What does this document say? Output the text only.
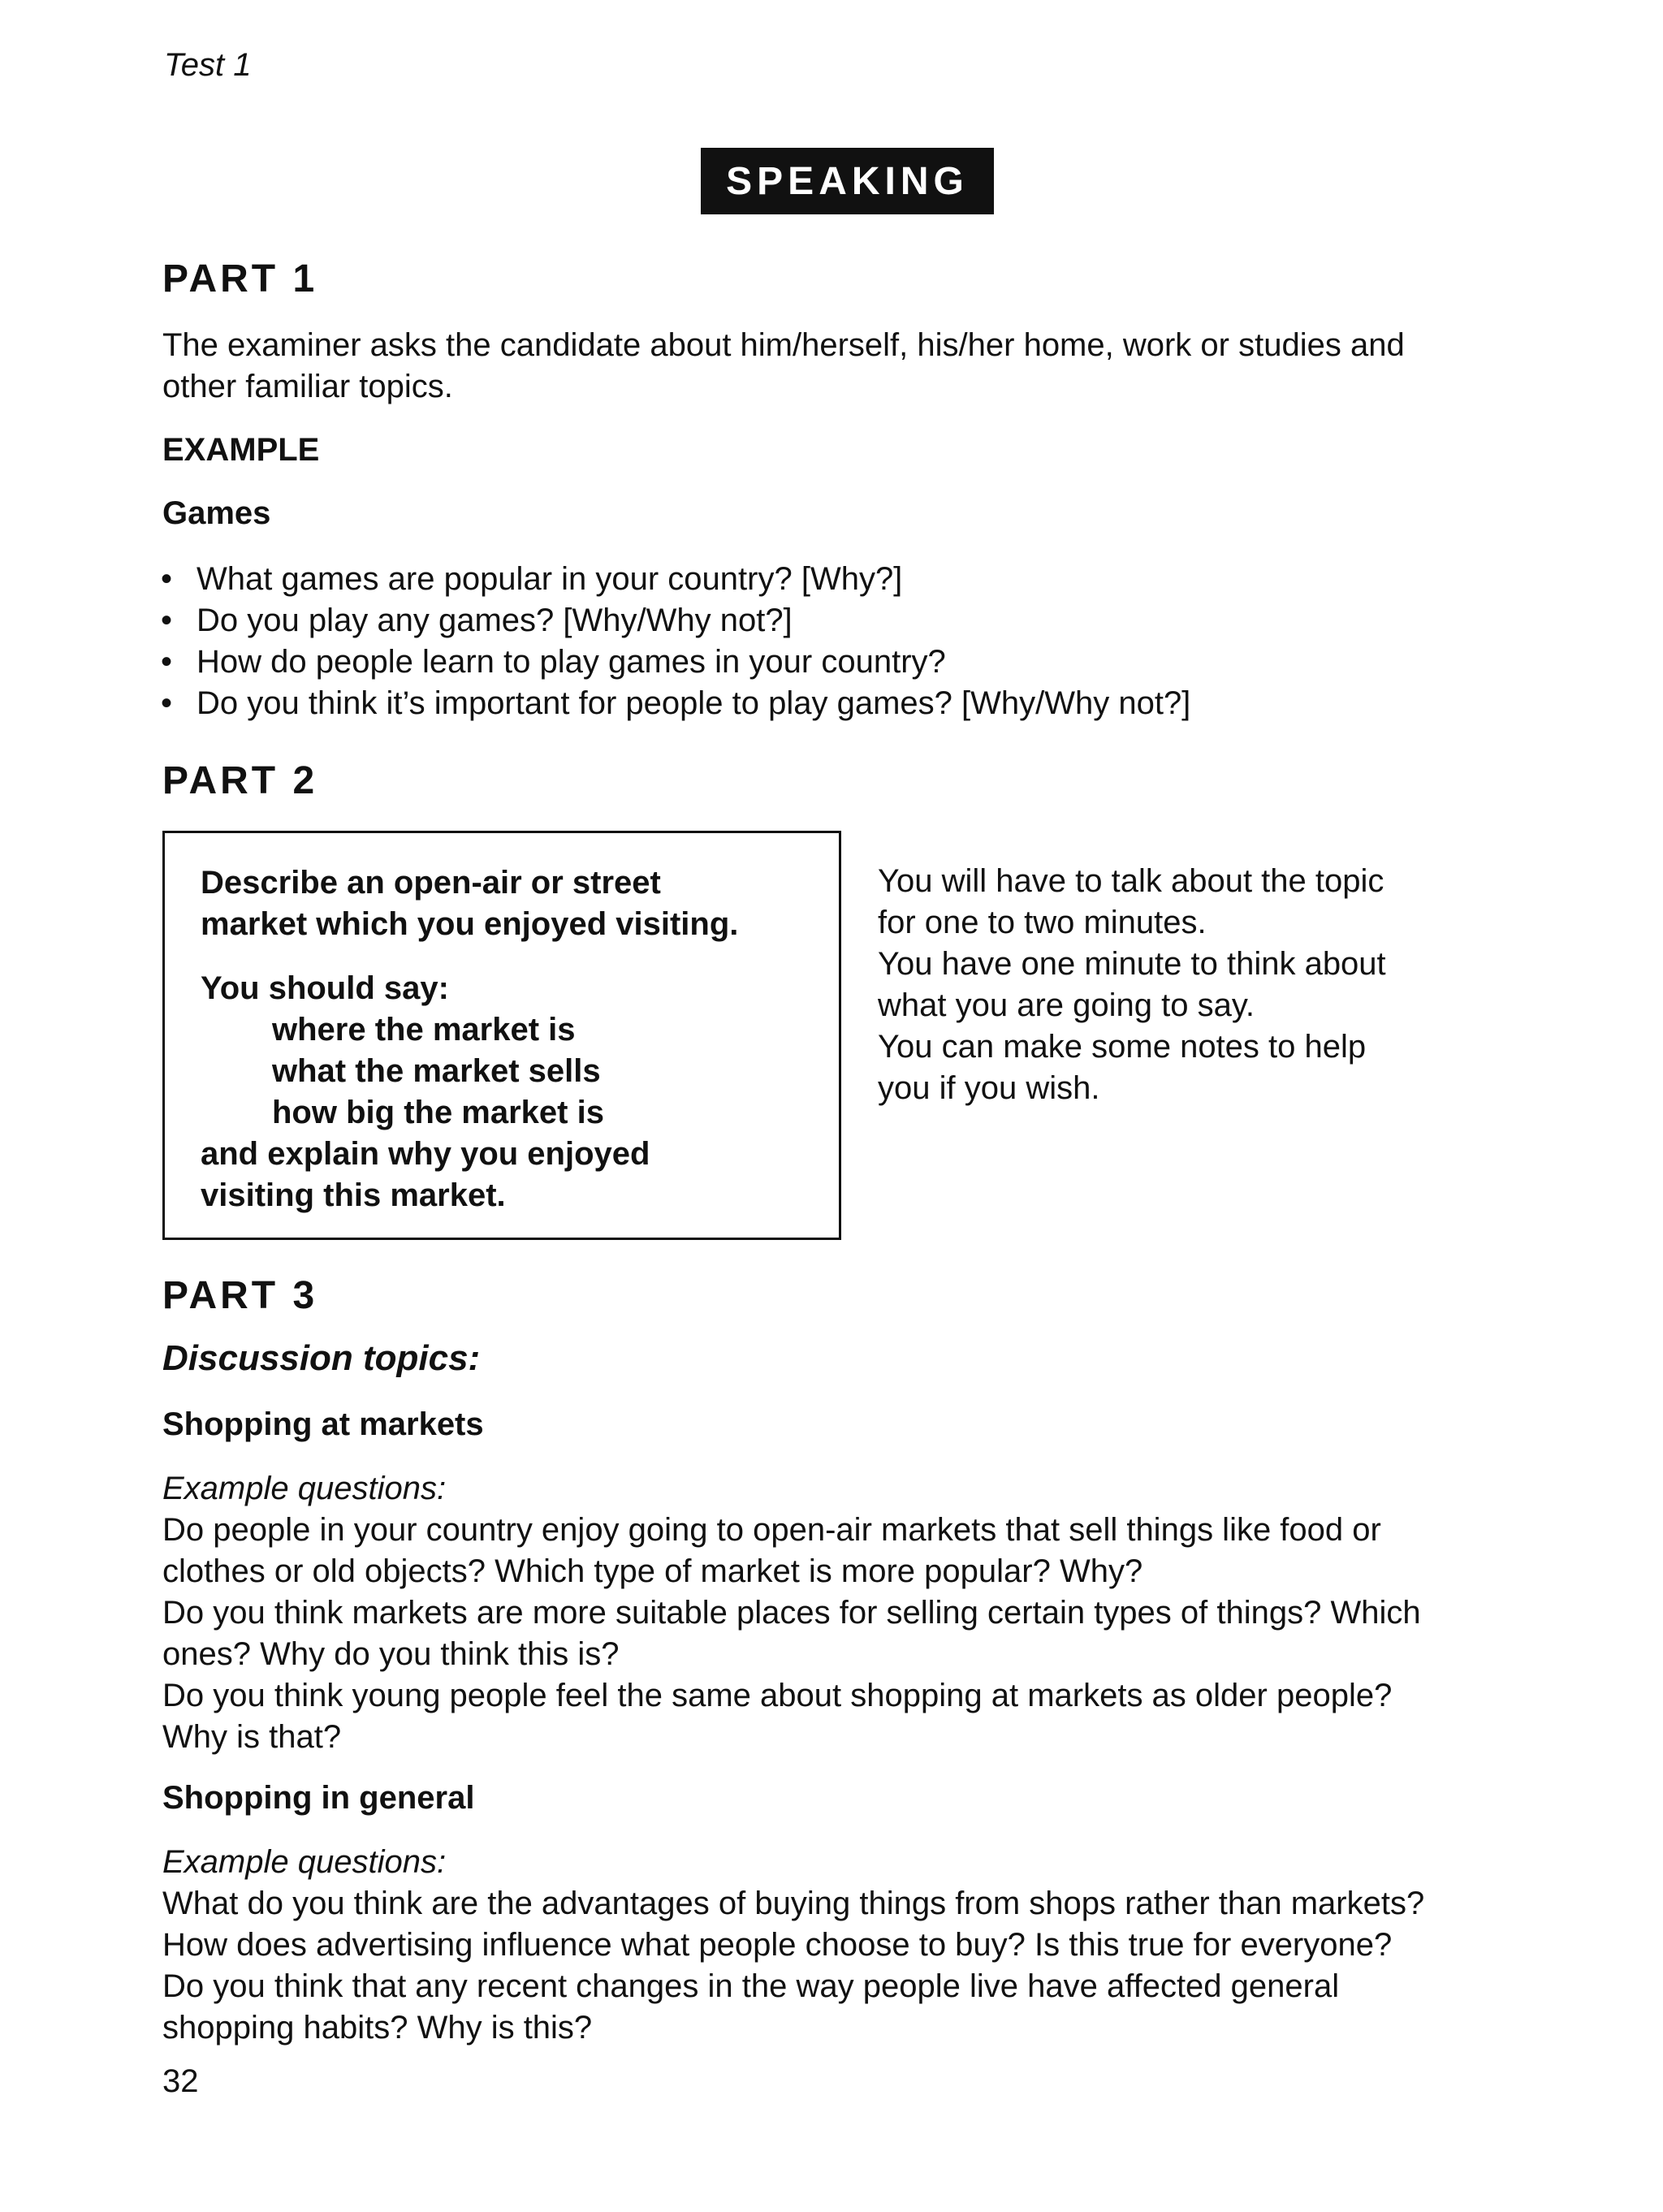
Test 1
SPEAKING
PART 1
The examiner asks the candidate about him/herself, his/her home, work or studies and
other familiar topics.
EXAMPLE
Games
• What games are popular in your country? [Why?]
• Do you play any games? [Why/Why not?]
• How do people learn to play games in your country?
• Do you think it’s important for people to play games? [Why/Why not?]
PART 2
Describe an open-air or street
market which you enjoyed visiting.
You should say:
where the market is
what the market sells
how big the market is
and explain why you enjoyed
visiting this market.
You will have to talk about the topic
for one to two minutes.
You have one minute to think about
what you are going to say.
You can make some notes to help
you if you wish.
PART 3
Discussion topics:
Shopping at markets
Example questions:

Do people in your country enjoy going to open-air markets that sell things like food or

clothes or old objects? Which type of market is more popular? Why?

Do you think markets are more suitable places for selling certain types of things? Which

ones? Why do you think this is?

Do you think young people feel the same about shopping at markets as older people?

Why is that?

Shopping in general
Example questions:

What do you think are the advantages of buying things from shops rather than markets?

How does advertising influence what people choose to buy? Is this true for everyone?

Do you think that any recent changes in the way people live have affected general

shopping habits? Why is this?

32
